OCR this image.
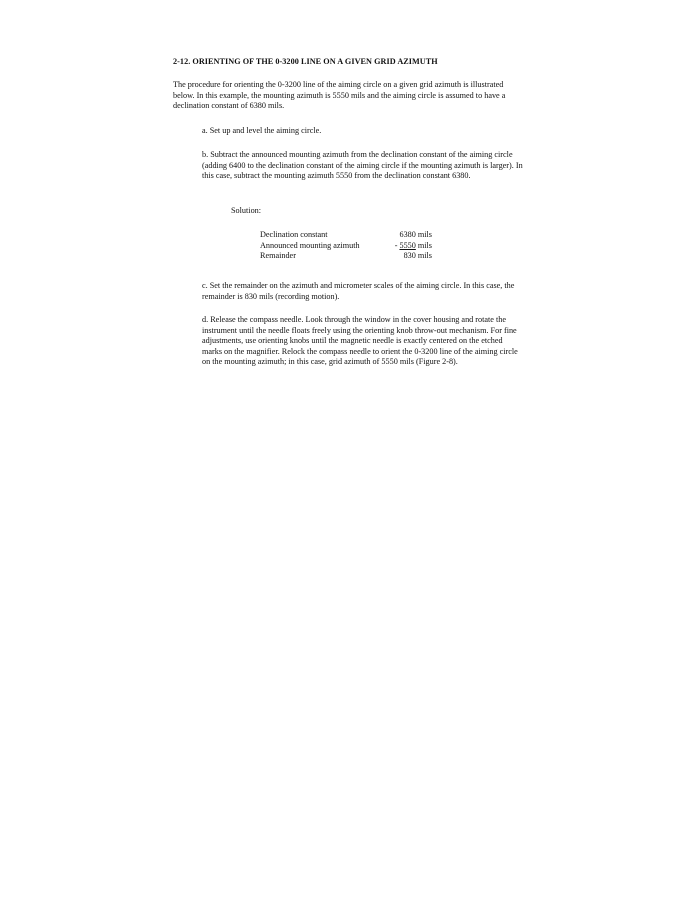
2-12. ORIENTING OF THE 0-3200 LINE ON A GIVEN GRID AZIMUTH

The procedure for orienting the 0-3200 line of the aiming circle on a given grid azimuth is illustrated below. In this example, the mounting azimuth is 5550 mils and the aiming circle is assumed to have a declination constant of 6380 mils.

a. Set up and level the aiming circle.

b. Subtract the announced mounting azimuth from the declination constant of the aiming circle (adding 6400 to the declination constant of the aiming circle if the mounting azimuth is larger). In this case, subtract the mounting azimuth 5550 from the declination constant 6380.

Solution:

Declination constant	6380 mils
Announced mounting azimuth	- 5550 mils
Remainder	830 mils

c. Set the remainder on the azimuth and micrometer scales of the aiming circle. In this case, the remainder is 830 mils (recording motion).

d. Release the compass needle. Look through the window in the cover housing and rotate the instrument until the needle floats freely using the orienting knob throw-out mechanism. For fine adjustments, use orienting knobs until the magnetic needle is exactly centered on the etched marks on the magnifier. Relock the compass needle to orient the 0-3200 line of the aiming circle on the mounting azimuth; in this case, grid azimuth of 5550 mils (Figure 2-8).
